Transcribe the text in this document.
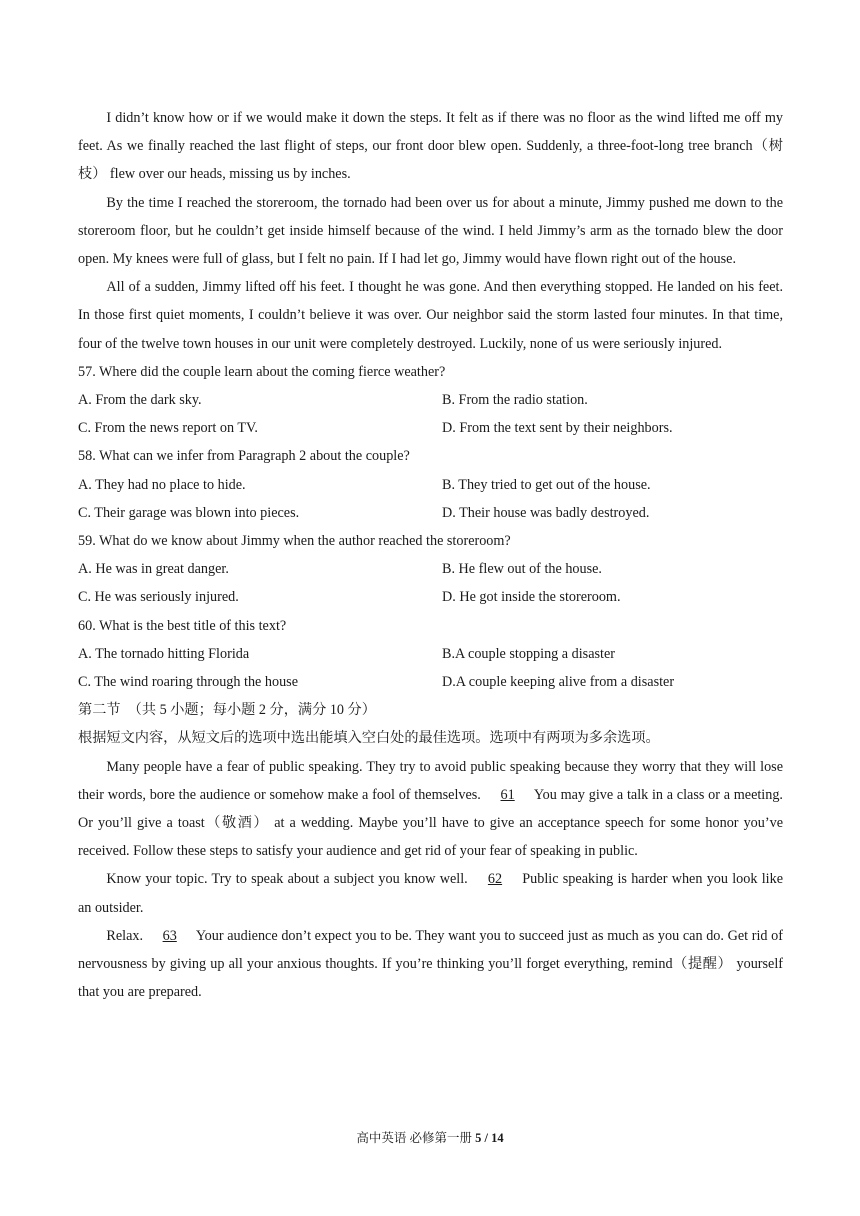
I didn’t know how or if we would make it down the steps. It felt as if there was no floor as the wind lifted me off my feet. As we finally reached the last flight of steps, our front door blew open. Suddenly, a three-foot-long tree branch（树枝） flew over our heads, missing us by inches.

By the time I reached the storeroom, the tornado had been over us for about a minute, Jimmy pushed me down to the storeroom floor, but he couldn’t get inside himself because of the wind. I held Jimmy’s arm as the tornado blew the door open. My knees were full of glass, but I felt no pain. If I had let go, Jimmy would have flown right out of the house.

All of a sudden, Jimmy lifted off his feet. I thought he was gone. And then everything stopped. He landed on his feet. In those first quiet moments, I couldn’t believe it was over. Our neighbor said the storm lasted four minutes. In that time, four of the twelve town houses in our unit were completely destroyed. Luckily, none of us were seriously injured.

57. Where did the couple learn about the coming fierce weather?

A. From the dark sky.	B. From the radio station.
C. From the news report on TV.	D. From the text sent by their neighbors.

58. What can we infer from Paragraph 2 about the couple?

A. They had no place to hide.	B. They tried to get out of the house.
C. Their garage was blown into pieces.	D. Their house was badly destroyed.

59. What do we know about Jimmy when the author reached the storeroom?

A. He was in great danger.	B. He flew out of the house.
C. He was seriously injured.	D. He got inside the storeroom.

60. What is the best title of this text?

A. The tornado hitting Florida	B.A couple stopping a disaster
C. The wind roaring through the house	D.A couple keeping alive from a disaster

第二节　（共 5 小题；每小题 2 分，满分 10 分）

根据短文内容，从短文后的选项中选出能填入空白处的最佳选项。选项中有两项为多余选项。

Many people have a fear of public speaking. They try to avoid public speaking because they worry that they will lose their words, bore the audience or somehow make a fool of themselves. 61 You may give a talk in a class or a meeting. Or you’ll give a toast（敬酒） at a wedding. Maybe you’ll have to give an acceptance speech for some honor you’ve received. Follow these steps to satisfy your audience and get rid of your fear of speaking in public.

Know your topic. Try to speak about a subject you know well. 62 Public speaking is harder when you look like an outsider.

Relax. 63 Your audience don’t expect you to be. They want you to succeed just as much as you can do. Get rid of nervousness by giving up all your anxious thoughts. If you’re thinking you’ll forget everything, remind（提醒） yourself that you are prepared.

高中英语 必修第一册 5 / 14
